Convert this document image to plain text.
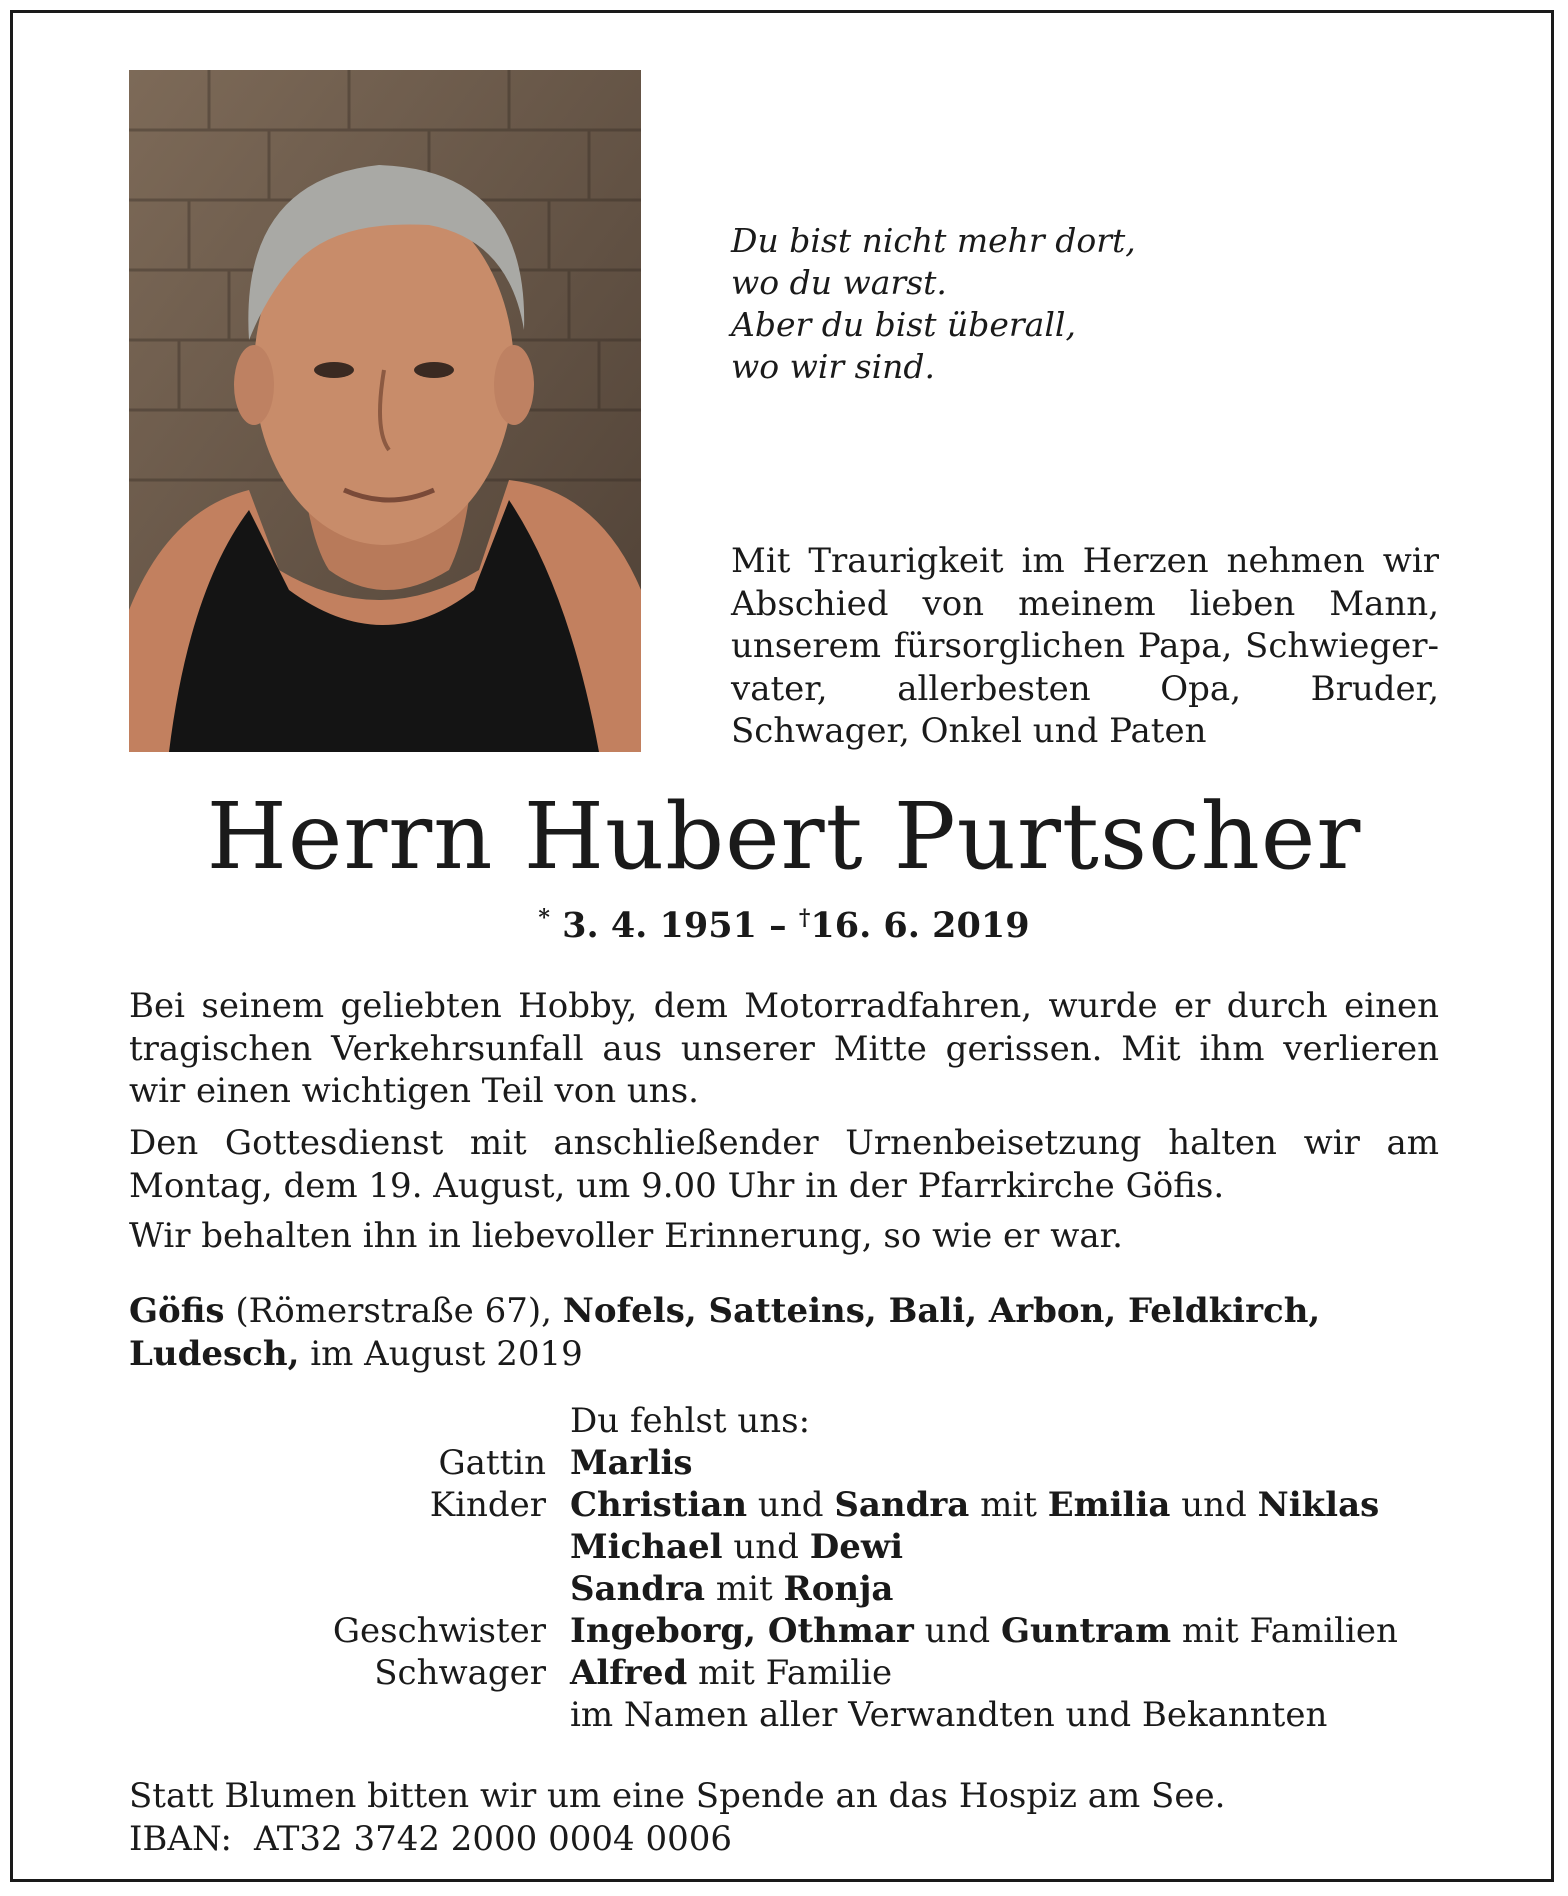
Du bist nicht mehr dort,
wo du warst.
Aber du bist überall,
wo wir sind.
Mit Traurigkeit im Herzen nehmen wir Abschied von meinem lieben Mann, unserem fürsorglichen Papa, Schwieger-vater, allerbesten Opa, Bruder, Schwager, Onkel und Paten
Herrn Hubert Purtscher
* 3. 4. 1951 – †16. 6. 2019
Bei seinem geliebten Hobby, dem Motorradfahren, wurde er durch einen tragischen Verkehrsunfall aus unserer Mitte gerissen. Mit ihm verlieren wir einen wichtigen Teil von uns.
Den Gottesdienst mit anschließender Urnenbeisetzung halten wir am Montag, dem 19. August, um 9.00 Uhr in der Pfarrkirche Göfis.
Wir behalten ihn in liebevoller Erinnerung, so wie er war.
Göfis (Römerstraße 67), Nofels, Satteins, Bali, Arbon, Feldkirch, Ludesch, im August 2019
Du fehlst uns:
Gattin Marlis
Kinder Christian und Sandra mit Emilia und Niklas
Michael und Dewi
Sandra mit Ronja
Geschwister Ingeborg, Othmar und Guntram mit Familien
Schwager Alfred mit Familie
im Namen aller Verwandten und Bekannten
Statt Blumen bitten wir um eine Spende an das Hospiz am See.
IBAN: AT32 3742 2000 0004 0006
